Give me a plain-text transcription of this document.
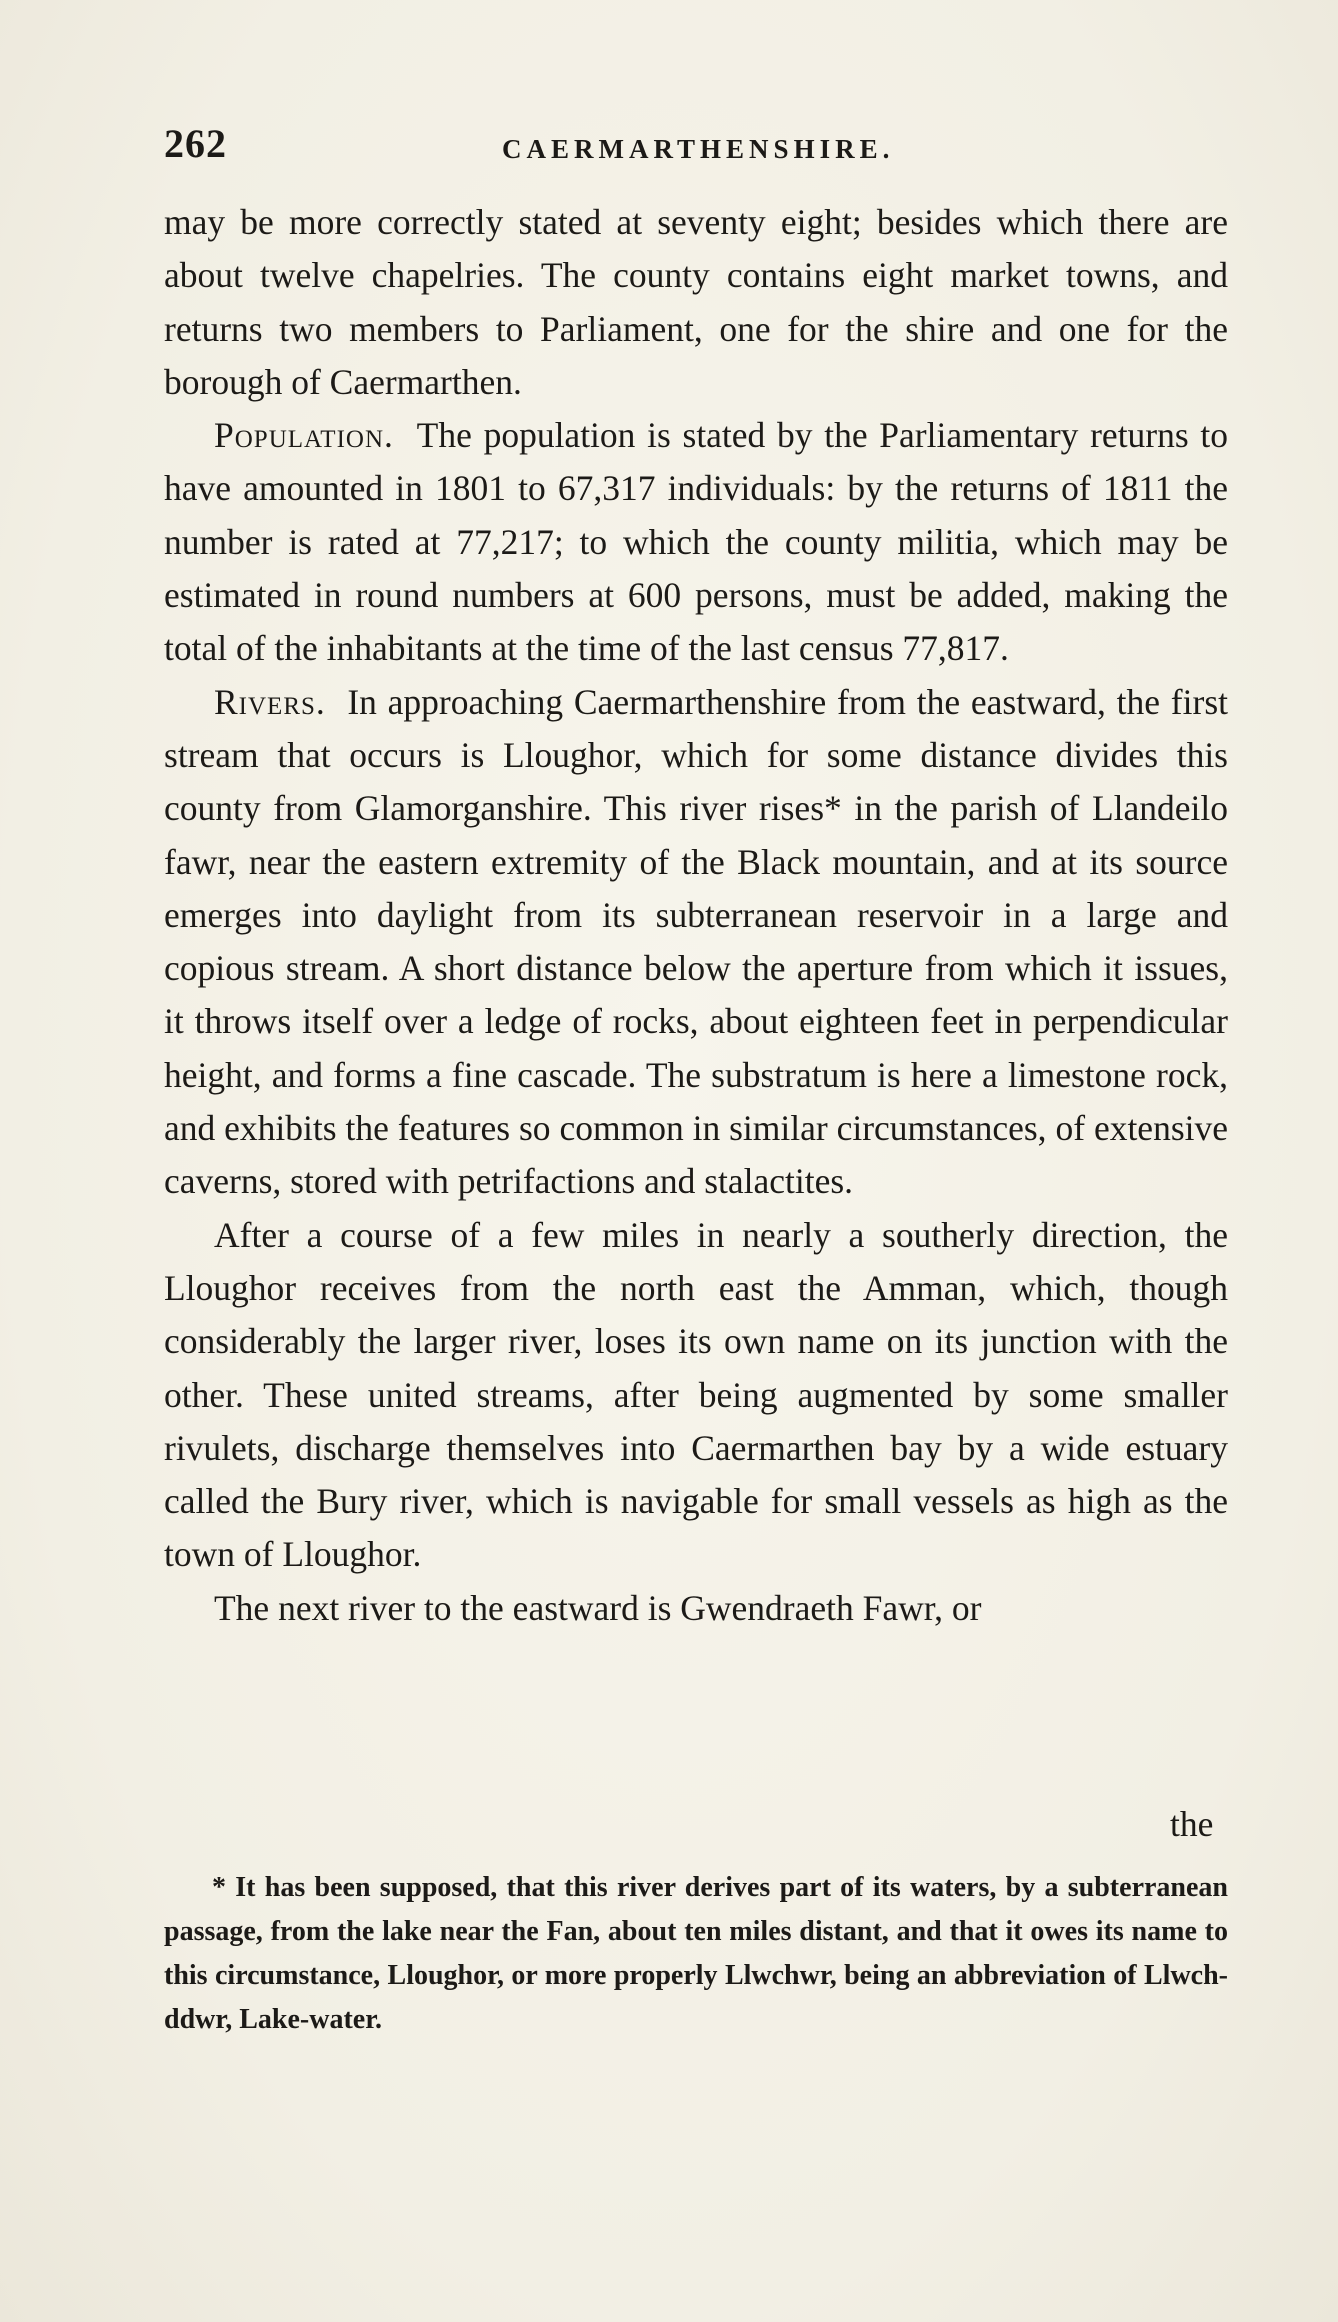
262	CAERMARTHENSHIRE.

may be more correctly stated at seventy eight; besides which there are about twelve chapelries. The county contains eight market towns, and returns two members to Parliament, one for the shire and one for the borough of Caermarthen.

Population. The population is stated by the Parliamentary returns to have amounted in 1801 to 67,317 individuals: by the returns of 1811 the number is rated at 77,217; to which the county militia, which may be estimated in round numbers at 600 persons, must be added, making the total of the inhabitants at the time of the last census 77,817.

Rivers. In approaching Caermarthenshire from the eastward, the first stream that occurs is Lloughor, which for some distance divides this county from Glamorganshire. This river rises* in the parish of Llandeilo fawr, near the eastern extremity of the Black mountain, and at its source emerges into daylight from its subterranean reservoir in a large and copious stream. A short distance below the aperture from which it issues, it throws itself over a ledge of rocks, about eighteen feet in perpendicular height, and forms a fine cascade. The substratum is here a limestone rock, and exhibits the features so common in similar circumstances, of extensive caverns, stored with petrifactions and stalactites.

After a course of a few miles in nearly a southerly direction, the Lloughor receives from the north east the Amman, which, though considerably the larger river, loses its own name on its junction with the other. These united streams, after being augmented by some smaller rivulets, discharge themselves into Caermarthen bay by a wide estuary called the Bury river, which is navigable for small vessels as high as the town of Lloughor.

The next river to the eastward is Gwendraeth Fawr, or

the

* It has been supposed, that this river derives part of its waters, by a subterranean passage, from the lake near the Fan, about ten miles distant, and that it owes its name to this circumstance, Lloughor, or more properly Llwchwr, being an abbreviation of Llwch-ddwr, Lake-water.
